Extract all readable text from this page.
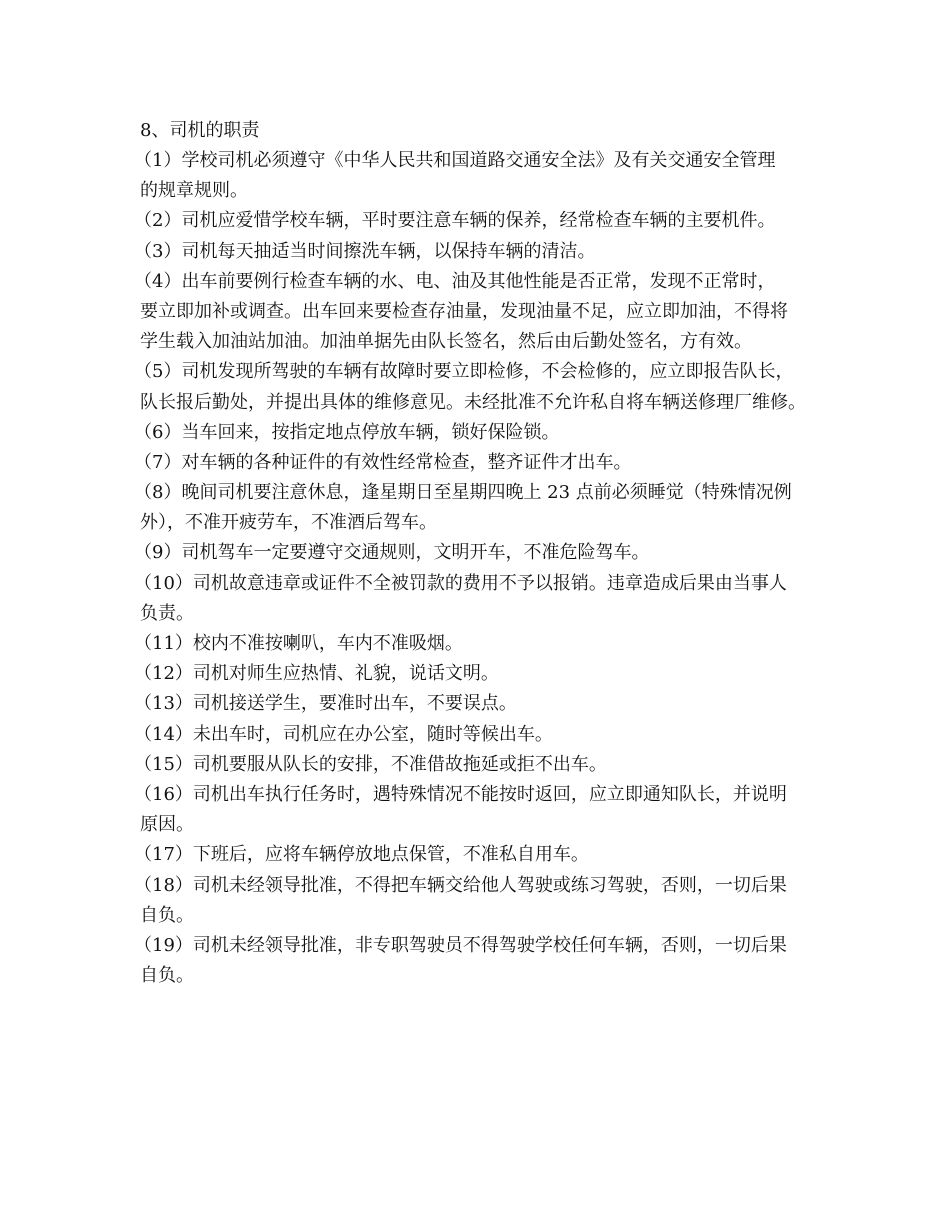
8、司机的职责

（1）学校司机必须遵守《中华人民共和国道路交通安全法》及有关交通安全管理
的规章规则。

（2）司机应爱惜学校车辆，平时要注意车辆的保养，经常检查车辆的主要机件。

（3）司机每天抽适当时间擦洗车辆，以保持车辆的清洁。

（4）出车前要例行检查车辆的水、电、油及其他性能是否正常，发现不正常时，
要立即加补或调查。出车回来要检查存油量，发现油量不足，应立即加油，不得将
学生载入加油站加油。加油单据先由队长签名，然后由后勤处签名，方有效。

（5）司机发现所驾驶的车辆有故障时要立即检修，不会检修的，应立即报告队长，
队长报后勤处，并提出具体的维修意见。未经批准不允许私自将车辆送修理厂维修。

（6）当车回来，按指定地点停放车辆，锁好保险锁。

（7）对车辆的各种证件的有效性经常检查，整齐证件才出车。

（8）晚间司机要注意休息，逢星期日至星期四晚上 23 点前必须睡觉（特殊情况例
外），不准开疲劳车，不准酒后驾车。

（9）司机驾车一定要遵守交通规则，文明开车，不准危险驾车。

（10）司机故意违章或证件不全被罚款的费用不予以报销。违章造成后果由当事人
负责。

（11）校内不准按喇叭，车内不准吸烟。

（12）司机对师生应热情、礼貌，说话文明。

（13）司机接送学生，要准时出车，不要误点。

（14）未出车时，司机应在办公室，随时等候出车。

（15）司机要服从队长的安排，不准借故拖延或拒不出车。

（16）司机出车执行任务时，遇特殊情况不能按时返回，应立即通知队长，并说明
原因。

（17）下班后，应将车辆停放地点保管，不准私自用车。

（18）司机未经领导批准，不得把车辆交给他人驾驶或练习驾驶，否则，一切后果
自负。

（19）司机未经领导批准，非专职驾驶员不得驾驶学校任何车辆，否则，一切后果
自负。
